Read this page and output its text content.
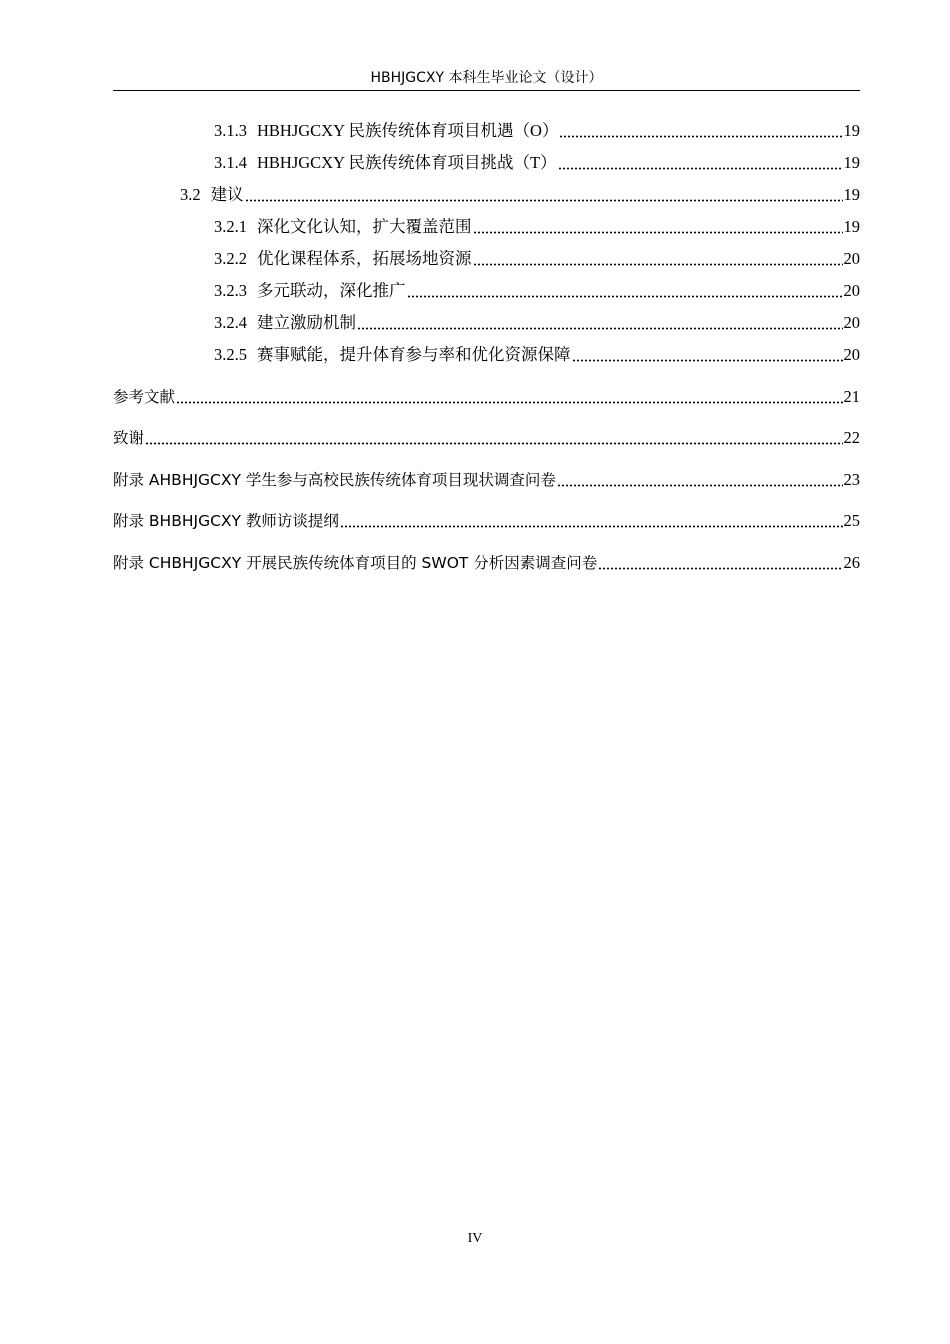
HBHJGCXY 本科生毕业论文（设计）
3.1.3 HBHJGCXY 民族传统体育项目机遇（O）	19
3.1.4 HBHJGCXY 民族传统体育项目挑战（T）	19
3.2 建议	19
3.2.1 深化文化认知，扩大覆盖范围	19
3.2.2 优化课程体系，拓展场地资源	20
3.2.3 多元联动，深化推广	20
3.2.4 建立激励机制	20
3.2.5 赛事赋能，提升体育参与率和优化资源保障	20
参考文献	21
致谢	22
附录 AHBHJGCXY 学生参与高校民族传统体育项目现状调查问卷	23
附录 BHBHJGCXY 教师访谈提纲	25
附录 CHBHJGCXY 开展民族传统体育项目的 SWOT 分析因素调查问卷	26
IV
